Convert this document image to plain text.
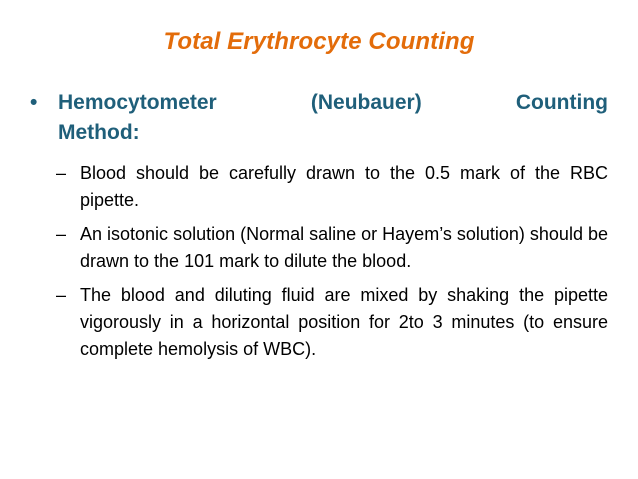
Total Erythrocyte Counting
• Hemocytometer (Neubauer) Counting
Method:
– Blood should be carefully drawn to the 0.5 mark of the RBC pipette.
– An isotonic solution (Normal saline or Hayem’s solution) should be drawn to the 101 mark to dilute the blood.
– The blood and diluting fluid are mixed by shaking the pipette vigorously in a horizontal position for 2to 3 minutes (to ensure complete hemolysis of WBC).
